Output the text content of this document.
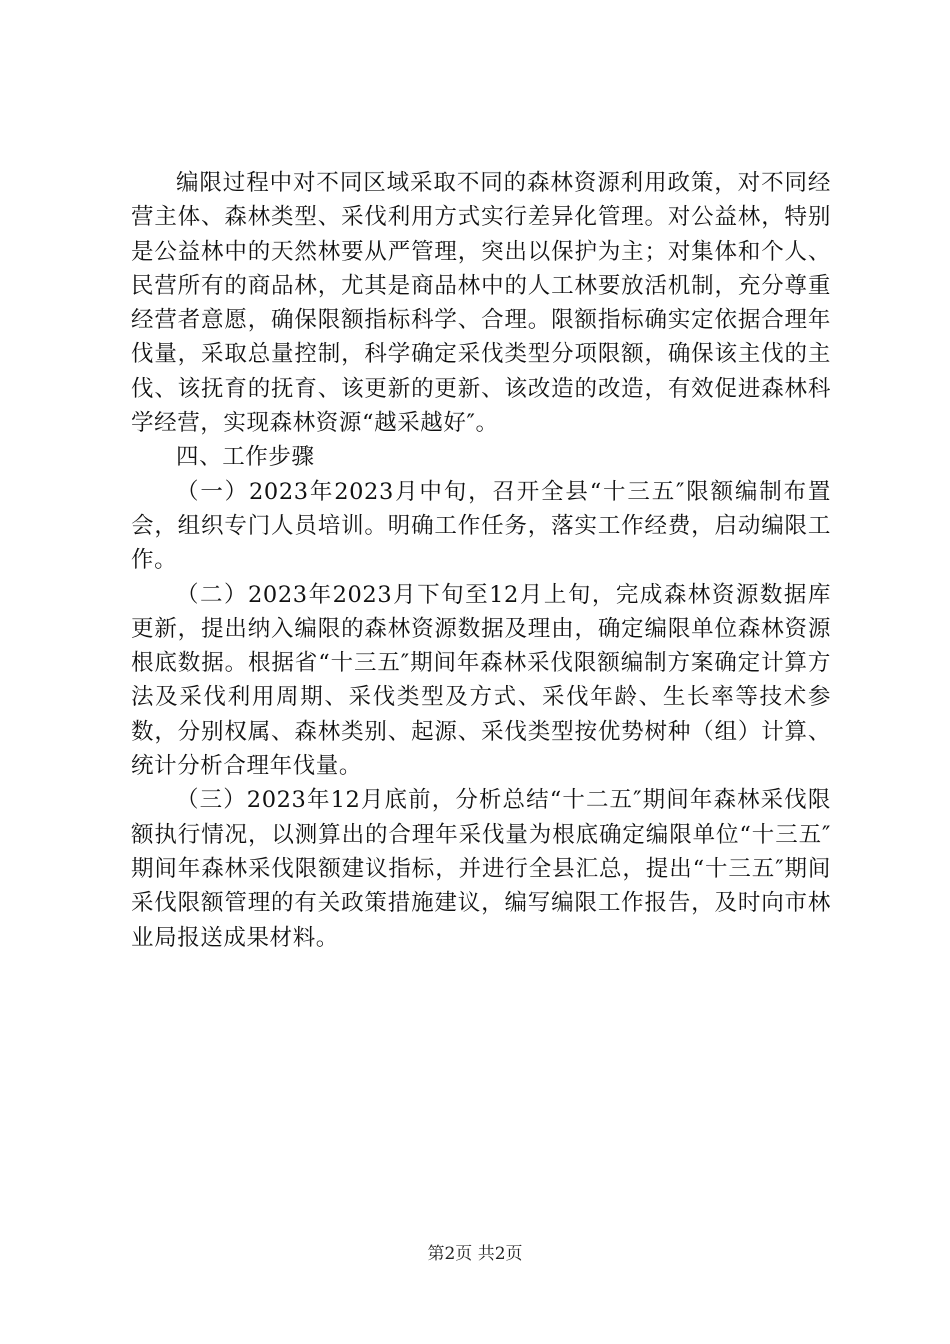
编限过程中对不同区域采取不同的森林资源利用政策，对不同经营主体、森林类型、采伐利用方式实行差异化管理。对公益林，特别是公益林中的天然林要从严管理，突出以保护为主；对集体和个人、民营所有的商品林，尤其是商品林中的人工林要放活机制，充分尊重经营者意愿，确保限额指标科学、合理。限额指标确实定依据合理年伐量，采取总量控制，科学确定采伐类型分项限额，确保该主伐的主伐、该抚育的抚育、该更新的更新、该改造的改造，有效促进森林科学经营，实现森林资源“越采越好″。

四、工作步骤

（一）2023年2023月中旬，召开全县“十三五″限额编制布置会，组织专门人员培训。明确工作任务，落实工作经费，启动编限工作。

（二）2023年2023月下旬至12月上旬，完成森林资源数据库更新，提出纳入编限的森林资源数据及理由，确定编限单位森林资源根底数据。根据省“十三五″期间年森林采伐限额编制方案确定计算方法及采伐利用周期、采伐类型及方式、采伐年龄、生长率等技术参数，分别权属、森林类别、起源、采伐类型按优势树种（组）计算、统计分析合理年伐量。

（三）2023年12月底前，分析总结“十二五″期间年森林采伐限额执行情况，以测算出的合理年采伐量为根底确定编限单位“十三五″期间年森林采伐限额建议指标，并进行全县汇总，提出“十三五″期间采伐限额管理的有关政策措施建议，编写编限工作报告，及时向市林业局报送成果材料。

第2页 共2页
